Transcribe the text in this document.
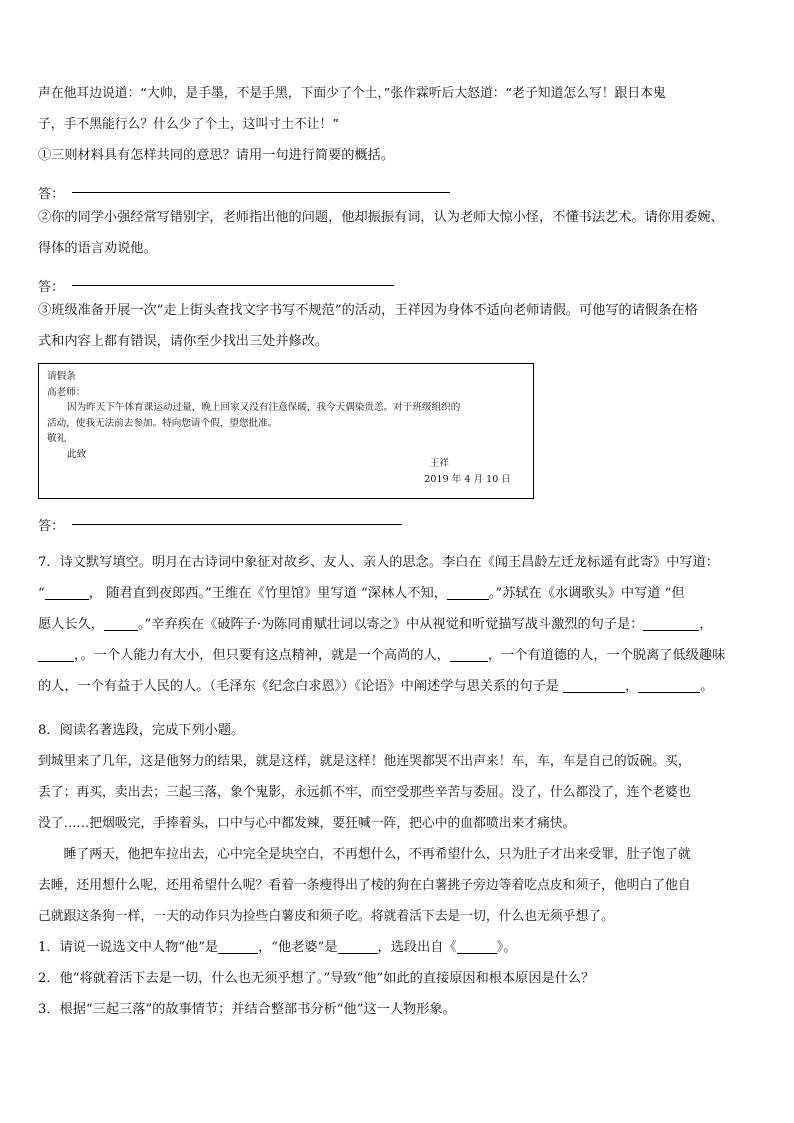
声在他耳边说道：“大帅，是手墨，不是手黑，下面少了个土，”张作霖听后大怒道：“老子知道怎么写！跟日本鬼

子，手不黑能行么？什么少了个土，这叫寸土不让！”

①三则材料具有怎样共同的意思？请用一句进行简要的概括。

答：

②你的同学小强经常写错别字，老师指出他的问题，他却振振有词，认为老师大惊小怪，不懂书法艺术。请你用委婉、

得体的语言劝说他。

答：

③班级准备开展一次“走上街头查找文字书写不规范”的活动，王祥因为身体不适向老师请假。可他写的请假条在格

式和内容上都有错误，请你至少找出三处并修改。

请假条
高老师：
因为昨天下午体育课运动过量，晚上回家又没有注意保暖，我今天偶染贵恙。对于班级组织的
活动，使我无法前去参加。特向您请个假，望您批准。
敬礼
此致
王祥
2019 年 4 月 10 日
答：

7．诗文默写填空。明月在古诗词中象征对故乡、友人、亲人的思念。李白在《闻王昌龄左迁龙标遥有此寄》中写道：

“	， 随君直到夜郎西。”王维在《竹里馆》里写道 “深林人不知，	。”苏轼在《水调歌头》中写道 “但

愿人长久，	。”辛弃疾在《破阵子·为陈同甫赋壮词以寄之》中从视觉和听觉描写战斗激烈的句子是：	，

，。一个人能力有大小，但只要有这点精神，就是一个高尚的人，	，一个有道德的人，一个脱离了低级趣味

的人，一个有益于人民的人。（毛泽东《纪念白求恩》）《论语》中阐述学与思关系的句子是	，	。

8．阅读名著选段，完成下列小题。

到城里来了几年，这是他努力的结果，就是这样，就是这样！他连哭都哭不出声来！车，车，车是自己的饭碗。买，

丢了；再买，卖出去；三起三落，象个鬼影，永远抓不牢，而空受那些辛苦与委屈。没了，什么都没了，连个老婆也

没了……把烟吸完，手捧着头，口中与心中都发辣，要狂喊一阵，把心中的血都喷出来才痛快。

睡了两天，他把车拉出去，心中完全是块空白，不再想什么，不再希望什么，只为肚子才出来受罪，肚子饱了就

去睡，还用想什么呢，还用希望什么呢？看着一条瘦得出了棱的狗在白薯挑子旁边等着吃点皮和须子，他明白了他自

己就跟这条狗一样，一天的动作只为捡些白薯皮和须子吃。将就着活下去是一切，什么也无须乎想了。

1．请说一说选文中人物“他”是	，“他老婆”是	，选段出自《	》。

2．他“将就着活下去是一切，什么也无须乎想了。”导致“他”如此的直接原因和根本原因是什么？

3．根据“三起三落”的故事情节；并结合整部书分析“他”这一人物形象。
